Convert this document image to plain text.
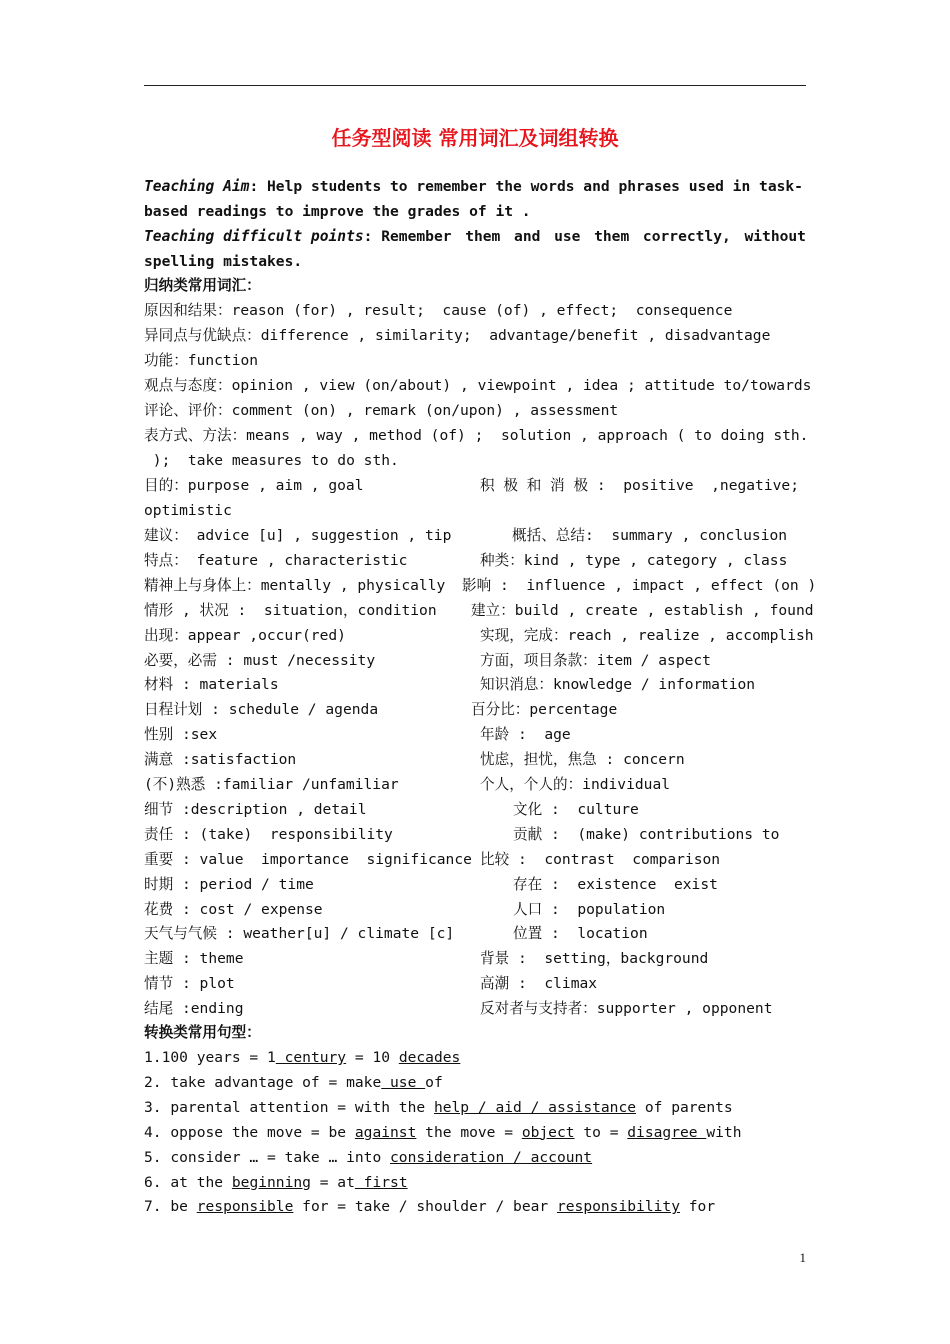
任务型阅读 常用词汇及词组转换
Teaching Aim: Help students to remember the words and phrases used in task-
based readings to improve the grades of it .
Teaching difficult points: Remember them and use them correctly, without
spelling mistakes.
归纳类常用词汇：
原因和结果：reason (for) , result;  cause (of) , effect;  consequence
异同点与优缺点：difference , similarity;  advantage/benefit , disadvantage
功能：function
观点与态度：opinion , view (on/about) , viewpoint , idea ; attitude to/towards
评论、评价：comment (on) , remark (on/upon) , assessment
表方式、方法：means , way , method (of) ;  solution , approach ( to doing sth.
);  take measures to do sth.
目的：purpose , aim , goal	积 极 和 消 极 :  positive  ,negative;
optimistic
建议： advice [u] , suggestion , tip	概括、总结:  summary , conclusion
特点： feature , characteristic	种类：kind , type , category , class
精神上与身体上：mentally , physically 影响 :  influence , impact , effect (on )
情形 , 状况 :  situation，condition 建立：build , create , establish , found
出现：appear ,occur(red)	实现，完成：reach , realize , accomplish
必要，必需 : must /necessity	方面，项目条款：item / aspect
材料 : materials	知识消息：knowledge / information
日程计划 : schedule / agenda	百分比：percentage
性别 :sex	年龄 :  age
满意 :satisfaction	忧虑，担忧，焦急 : concern
(不)熟悉 :familiar /unfamiliar	个人，个人的：individual
细节 :description , detail	文化 :  culture
责任 : (take)  responsibility	贡献 :  (make) contributions to
重要 : value  importance  significance 比较 :  contrast  comparison
时期 : period / time	存在 :  existence  exist
花费 : cost / expense	人口 :  population
天气与气候 : weather[u] / climate [c]	位置 :  location
主题 : theme	背景 :  setting，background
情节 : plot	高潮 :  climax
结尾 :ending	反对者与支持者：supporter , opponent
转换类常用句型：
1.100 years = 1 century = 10 decades
2. take advantage of = make use of
3. parental attention = with the help / aid / assistance of parents
4. oppose the move = be against the move = object to = disagree with
5. consider … = take … into consideration / account
6. at the beginning = at first
7. be responsible for = take / shoulder / bear responsibility for
1
